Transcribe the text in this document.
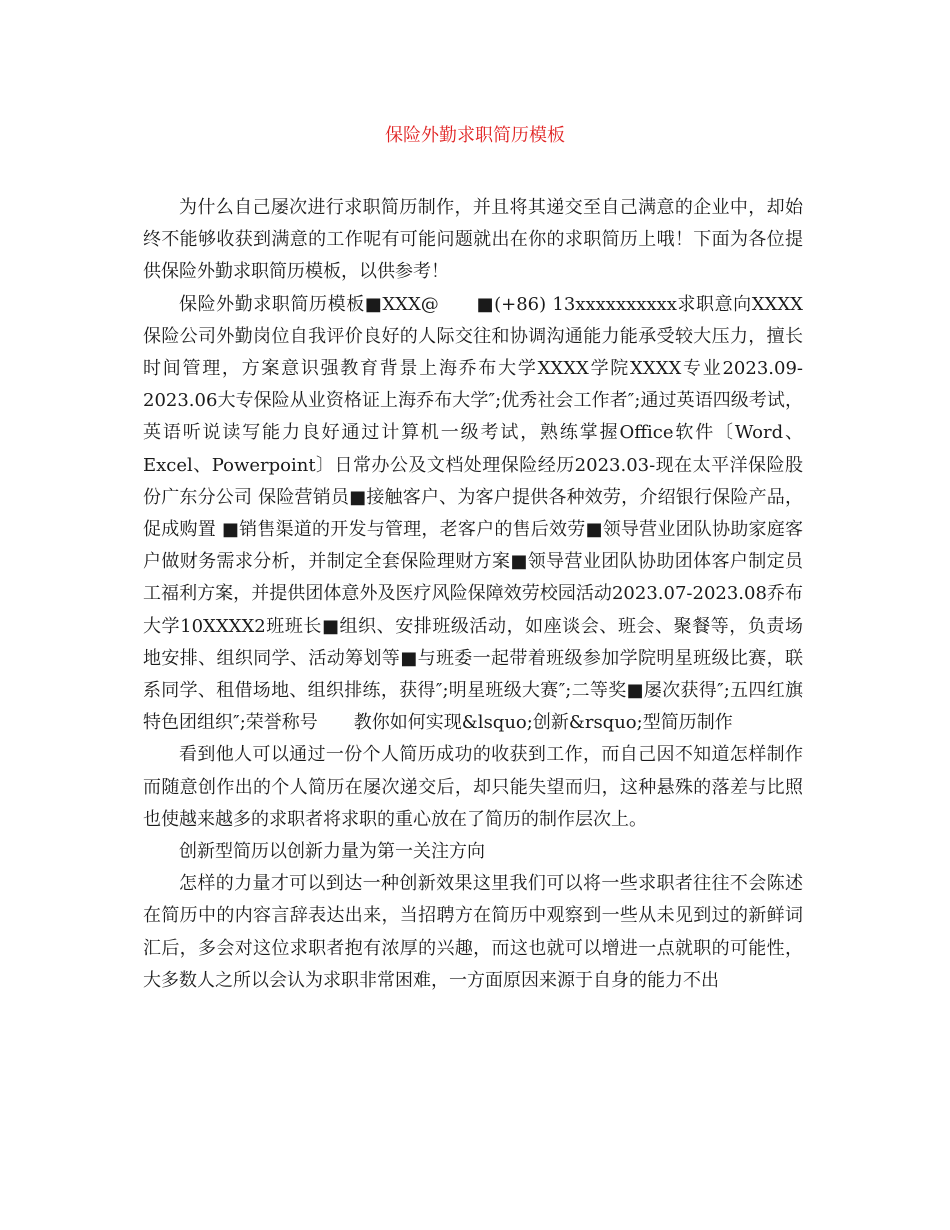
保险外勤求职简历模板

为什么自己屡次进行求职简历制作，并且将其递交至自己满意的企业中，却始终不能够收获到满意的工作呢有可能问题就出在你的求职简历上哦！下面为各位提供保险外勤求职简历模板，以供参考！

保险外勤求职简历模板■XXX@　　■(+86) 13xxxxxxxxxx求职意向XXXX保险公司外勤岗位自我评价良好的人际交往和协调沟通能力能承受较大压力，擅长时间管理，方案意识强教育背景上海乔布大学XXXX学院XXXX专业2023.09-2023.06大专保险从业资格证上海乔布大学″;优秀社会工作者″;通过英语四级考试，英语听说读写能力良好通过计算机一级考试，熟练掌握Office软件〔Word、Excel、Powerpoint〕日常办公及文档处理保险经历2023.03-现在太平洋保险股份广东分公司 保险营销员■接触客户、为客户提供各种效劳，介绍银行保险产品，促成购置 ■销售渠道的开发与管理，老客户的售后效劳■领导营业团队协助家庭客户做财务需求分析，并制定全套保险理财方案■领导营业团队协助团体客户制定员工福利方案，并提供团体意外及医疗风险保障效劳校园活动2023.07-2023.08乔布大学10XXXX2班班长■组织、安排班级活动，如座谈会、班会、聚餐等，负责场地安排、组织同学、活动筹划等■与班委一起带着班级参加学院明星班级比赛，联系同学、租借场地、组织排练，获得″;明星班级大赛″;二等奖■屡次获得″;五四红旗特色团组织″;荣誉称号　　教你如何实现&lsquo;创新&rsquo;型简历制作

看到他人可以通过一份个人简历成功的收获到工作，而自己因不知道怎样制作而随意创作出的个人简历在屡次递交后，却只能失望而归，这种悬殊的落差与比照也使越来越多的求职者将求职的重心放在了简历的制作层次上。

创新型简历以创新力量为第一关注方向

怎样的力量才可以到达一种创新效果这里我们可以将一些求职者往往不会陈述在简历中的内容言辞表达出来，当招聘方在简历中观察到一些从未见到过的新鲜词汇后，多会对这位求职者抱有浓厚的兴趣，而这也就可以增进一点就职的可能性，大多数人之所以会认为求职非常困难，一方面原因来源于自身的能力不出
